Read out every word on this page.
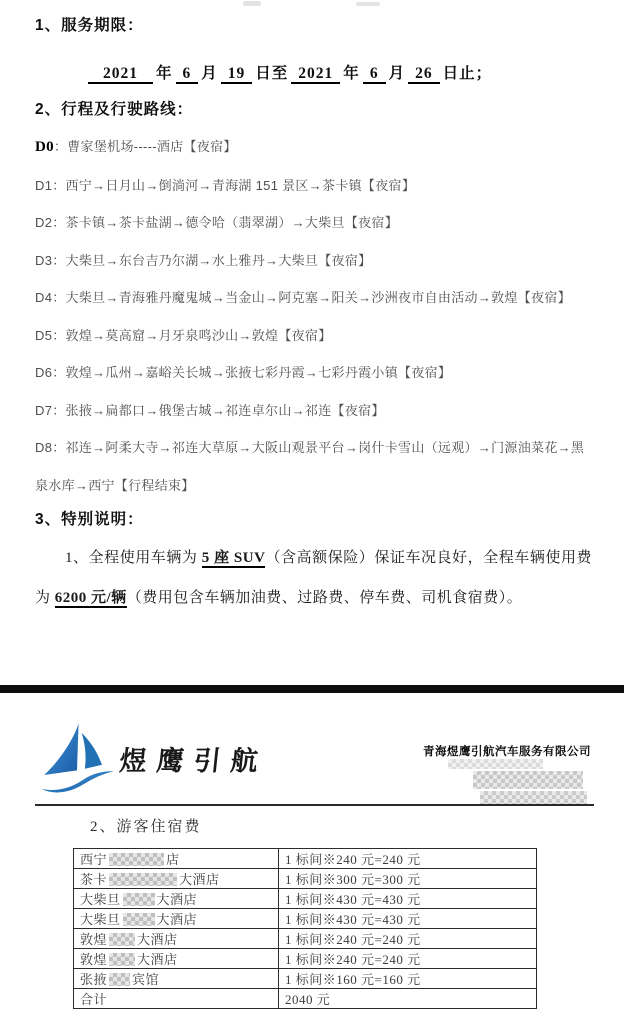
1、服务期限：
2021 年 6 月 19 日至 2021 年 6 月 26 日止；
2、行程及行驶路线：
D0：曹家堡机场-----酒店【夜宿】
D1：西宁→日月山→倒淌河→青海湖 151 景区→茶卡镇【夜宿】
D2：茶卡镇→茶卡盐湖→德令哈（翡翠湖）→大柴旦【夜宿】
D3：大柴旦→东台吉乃尔湖→水上雅丹→大柴旦【夜宿】
D4：大柴旦→青海雅丹魔鬼城→当金山→阿克塞→阳关→沙洲夜市自由活动→敦煌【夜宿】
D5：敦煌→莫高窟→月牙泉鸣沙山→敦煌【夜宿】
D6：敦煌→瓜州→嘉峪关长城→张掖七彩丹霞→七彩丹霞小镇【夜宿】
D7：张掖→扁都口→俄堡古城→祁连卓尔山→祁连【夜宿】
D8：祁连→阿柔大寺→祁连大草原→大阪山观景平台→岗什卡雪山（远观）→门源油菜花→黑泉水库→西宁【行程结束】
3、特别说明：
1、全程使用车辆为 5 座 SUV（含高额保险）保证车况良好，全程车辆使用费为 6200 元/辆（费用包含车辆加油费、过路费、停车费、司机食宿费）。
煜鹰引航	青海煜鹰引航汽车服务有限公司
2、游客住宿费
西宁 店	1 标间※240 元=240 元
茶卡 大酒店	1 标间※300 元=300 元
大柴旦 大酒店	1 标间※430 元=430 元
大柴旦 大酒店	1 标间※430 元=430 元
敦煌 大酒店	1 标间※240 元=240 元
敦煌 大酒店	1 标间※240 元=240 元
张掖 宾馆	1 标间※160 元=160 元
合计	2040 元
